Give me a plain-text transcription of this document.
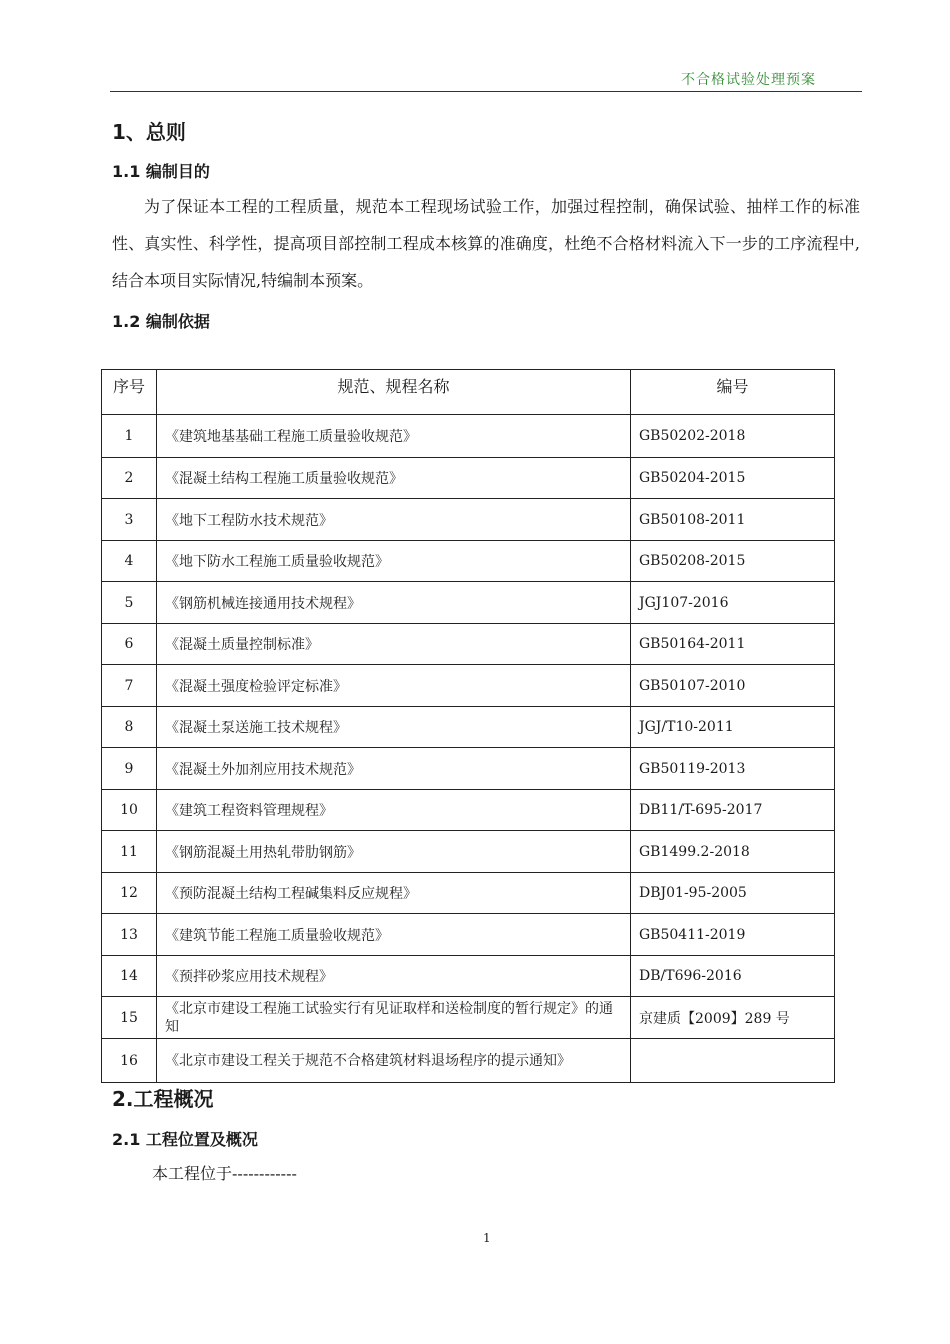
不合格试验处理预案
1、总则
1.1 编制目的

为了保证本工程的工程质量，规范本工程现场试验工作，加强过程控制，确保试验、抽样工作的标准性、真实性、科学性，提高项目部控制工程成本核算的准确度，杜绝不合格材料流入下一步的工序流程中,结合本项目实际情况,特编制本预案。

1.2 编制依据
序号	规范、规程名称	编号
1	《建筑地基基础工程施工质量验收规范》	GB50202-2018
2	《混凝土结构工程施工质量验收规范》	GB50204-2015
3	《地下工程防水技术规范》	GB50108-2011
4	《地下防水工程施工质量验收规范》	GB50208-2015
5	《钢筋机械连接通用技术规程》	JGJ107-2016
6	《混凝土质量控制标准》	GB50164-2011
7	《混凝土强度检验评定标准》	GB50107-2010
8	《混凝土泵送施工技术规程》	JGJ/T10-2011
9	《混凝土外加剂应用技术规范》	GB50119-2013
10	《建筑工程资料管理规程》	DB11/T-695-2017
11	《钢筋混凝土用热轧带肋钢筋》	GB1499.2-2018
12	《预防混凝土结构工程碱集料反应规程》	DBJ01-95-2005
13	《建筑节能工程施工质量验收规范》	GB50411-2019
14	《预拌砂浆应用技术规程》	DB/T696-2016
15	《北京市建设工程施工试验实行有见证取样和送检制度的暂行规定》的通知	京建质【2009】289 号
16	《北京市建设工程关于规范不合格建筑材料退场程序的提示通知》	
2.工程概况
2.1 工程位置及概况
本工程位于------------
1
